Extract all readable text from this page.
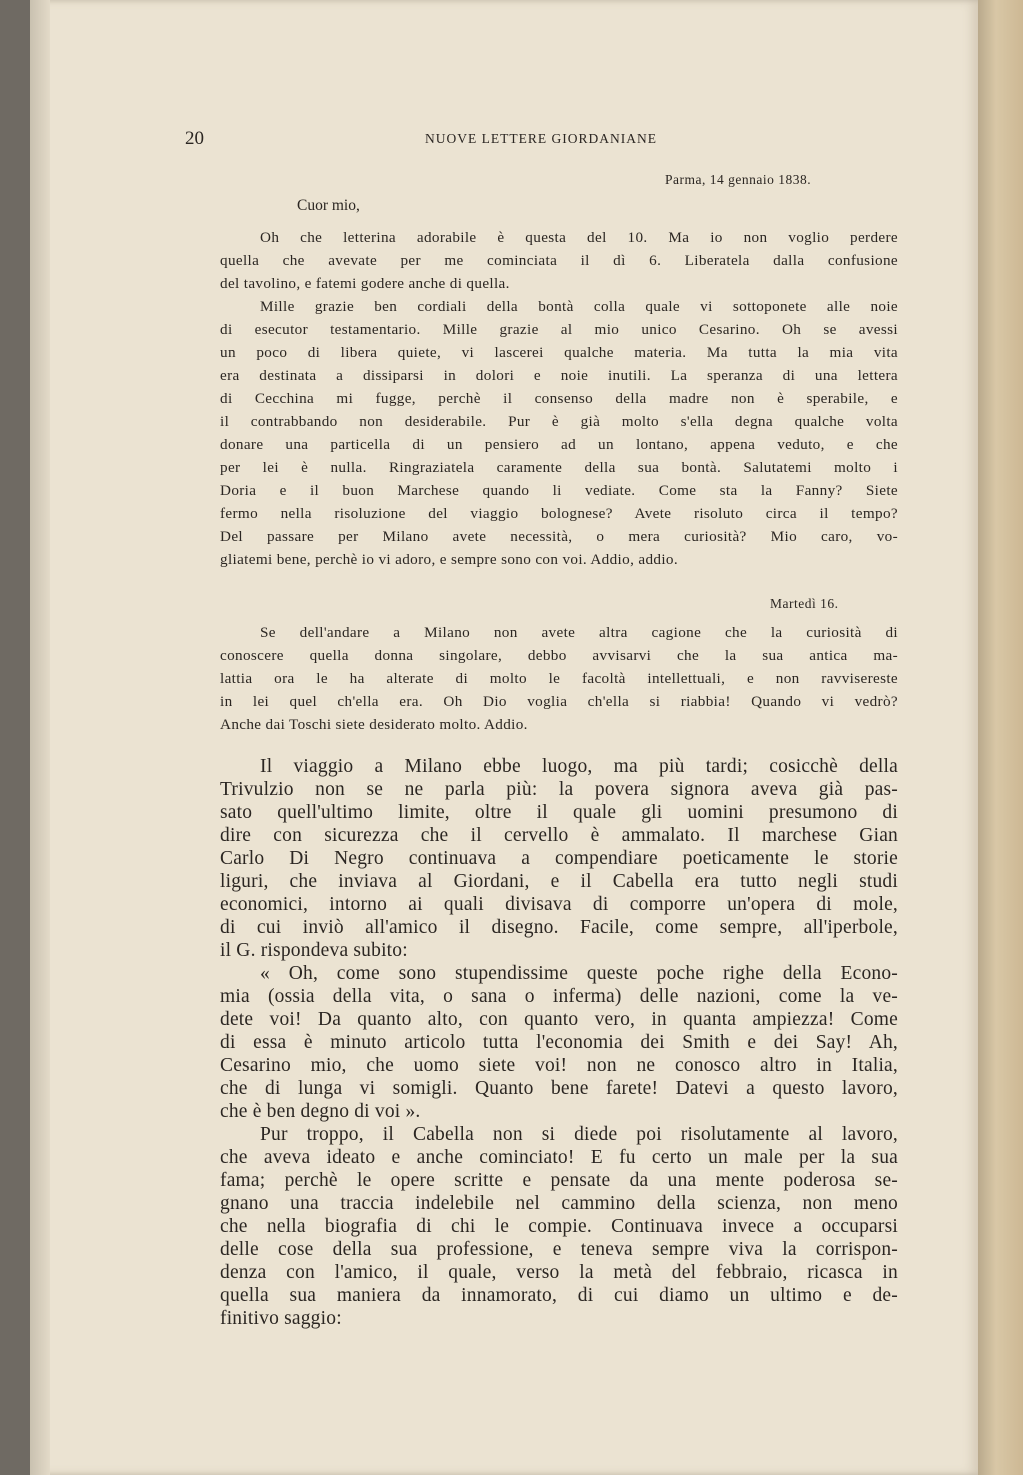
20	NUOVE LETTERE GIORDANIANE
Parma, 14 gennaio 1838.
Cuor mio,
Oh che letterina adorabile è questa del 10. Ma io non voglio perdere
quella che avevate per me cominciata il dì 6. Liberatela dalla confusione
del tavolino, e fatemi godere anche di quella.
Mille grazie ben cordiali della bontà colla quale vi sottoponete alle noie
di esecutor testamentario. Mille grazie al mio unico Cesarino. Oh se avessi
un poco di libera quiete, vi lascerei qualche materia. Ma tutta la mia vita
era destinata a dissiparsi in dolori e noie inutili. La speranza di una lettera
di Cecchina mi fugge, perchè il consenso della madre non è sperabile, e
il contrabbando non desiderabile. Pur è già molto s'ella degna qualche volta
donare una particella di un pensiero ad un lontano, appena veduto, e che
per lei è nulla. Ringraziatela caramente della sua bontà. Salutatemi molto i
Doria e il buon Marchese quando li vediate. Come sta la Fanny? Siete
fermo nella risoluzione del viaggio bolognese? Avete risoluto circa il tempo?
Del passare per Milano avete necessità, o mera curiosità? Mio caro, vo-
gliatemi bene, perchè io vi adoro, e sempre sono con voi. Addio, addio.
Martedì 16.
Se dell'andare a Milano non avete altra cagione che la curiosità di
conoscere quella donna singolare, debbo avvisarvi che la sua antica ma-
lattia ora le ha alterate di molto le facoltà intellettuali, e non ravvisereste
in lei quel ch'ella era. Oh Dio voglia ch'ella si riabbia! Quando vi vedrò?
Anche dai Toschi siete desiderato molto. Addio.
Il viaggio a Milano ebbe luogo, ma più tardi; cosicchè della
Trivulzio non se ne parla più: la povera signora aveva già pas-
sato quell'ultimo limite, oltre il quale gli uomini presumono di
dire con sicurezza che il cervello è ammalato. Il marchese Gian
Carlo Di Negro continuava a compendiare poeticamente le storie
liguri, che inviava al Giordani, e il Cabella era tutto negli studi
economici, intorno ai quali divisava di comporre un'opera di mole,
di cui inviò all'amico il disegno. Facile, come sempre, all'iperbole,
il G. rispondeva subito:
« Oh, come sono stupendissime queste poche righe della Econo-
mia (ossia della vita, o sana o inferma) delle nazioni, come la ve-
dete voi! Da quanto alto, con quanto vero, in quanta ampiezza! Come
di essa è minuto articolo tutta l'economia dei Smith e dei Say! Ah,
Cesarino mio, che uomo siete voi! non ne conosco altro in Italia,
che di lunga vi somigli. Quanto bene farete! Datevi a questo lavoro,
che è ben degno di voi ».
Pur troppo, il Cabella non si diede poi risolutamente al lavoro,
che aveva ideato e anche cominciato! E fu certo un male per la sua
fama; perchè le opere scritte e pensate da una mente poderosa se-
gnano una traccia indelebile nel cammino della scienza, non meno
che nella biografia di chi le compie. Continuava invece a occuparsi
delle cose della sua professione, e teneva sempre viva la corrispon-
denza con l'amico, il quale, verso la metà del febbraio, ricasca in
quella sua maniera da innamorato, di cui diamo un ultimo e de-
finitivo saggio:
